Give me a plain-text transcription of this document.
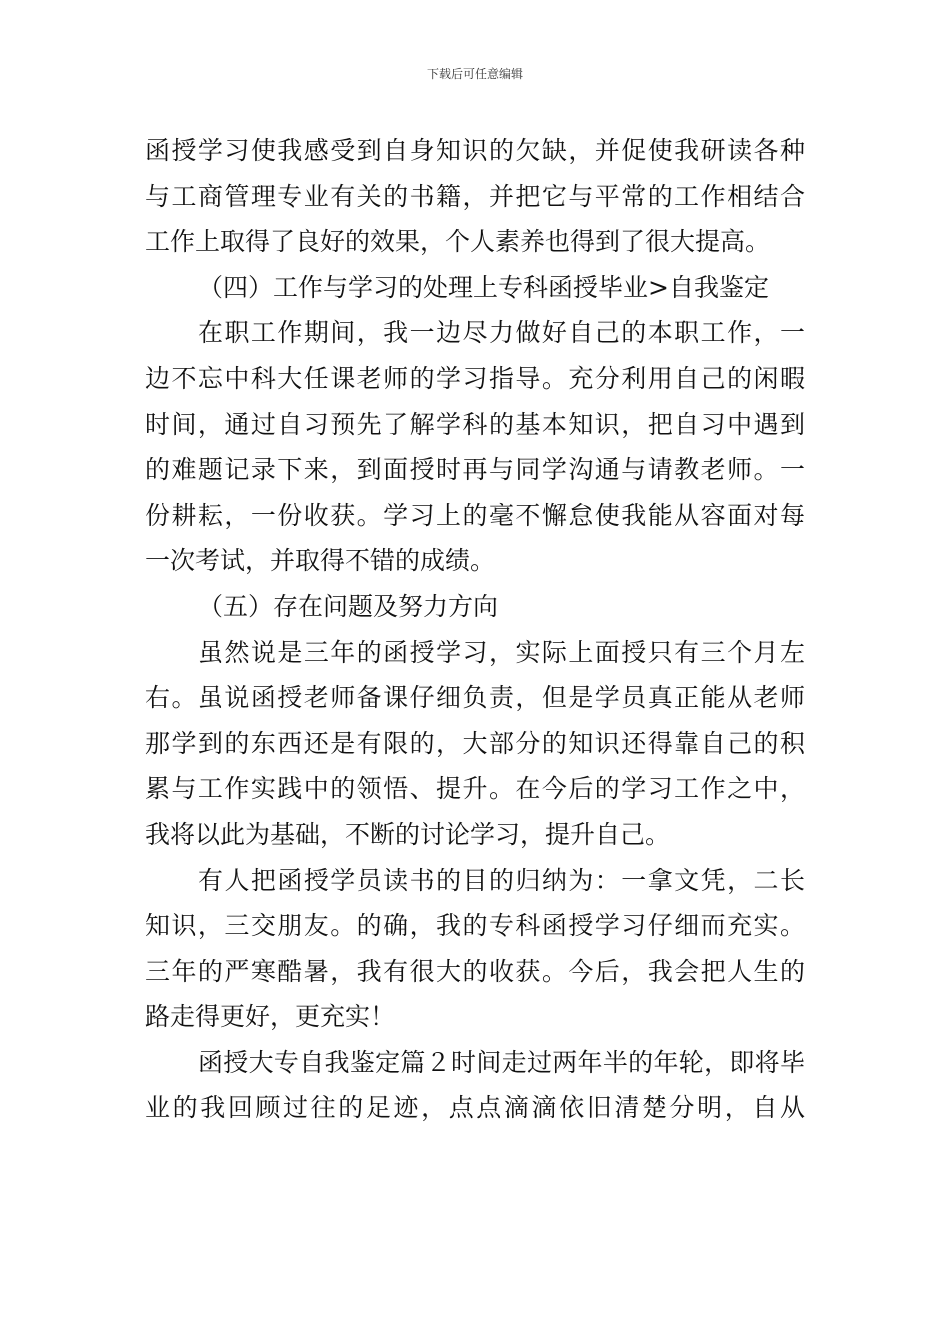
下载后可任意编辑
函授学习使我感受到自身知识的欠缺，并促使我研读各种
与工商管理专业有关的书籍，并把它与平常的工作相结合
工作上取得了良好的效果，个人素养也得到了很大提高。
（四）工作与学习的处理上专科函授毕业>自我鉴定
在职工作期间，我一边尽力做好自己的本职工作，一
边不忘中科大任课老师的学习指导。充分利用自己的闲暇
时间，通过自习预先了解学科的基本知识，把自习中遇到
的难题记录下来，到面授时再与同学沟通与请教老师。一
份耕耘，一份收获。学习上的毫不懈怠使我能从容面对每
一次考试，并取得不错的成绩。
（五）存在问题及努力方向
虽然说是三年的函授学习，实际上面授只有三个月左
右。虽说函授老师备课仔细负责，但是学员真正能从老师
那学到的东西还是有限的，大部分的知识还得靠自己的积
累与工作实践中的领悟、提升。在今后的学习工作之中，
我将以此为基础，不断的讨论学习，提升自己。
有人把函授学员读书的目的归纳为：一拿文凭，二长
知识，三交朋友。的确，我的专科函授学习仔细而充实。
三年的严寒酷暑，我有很大的收获。今后，我会把人生的
路走得更好，更充实！
函授大专自我鉴定篇２时间走过两年半的年轮，即将毕
业的我回顾过往的足迹，点点滴滴依旧清楚分明，自从
